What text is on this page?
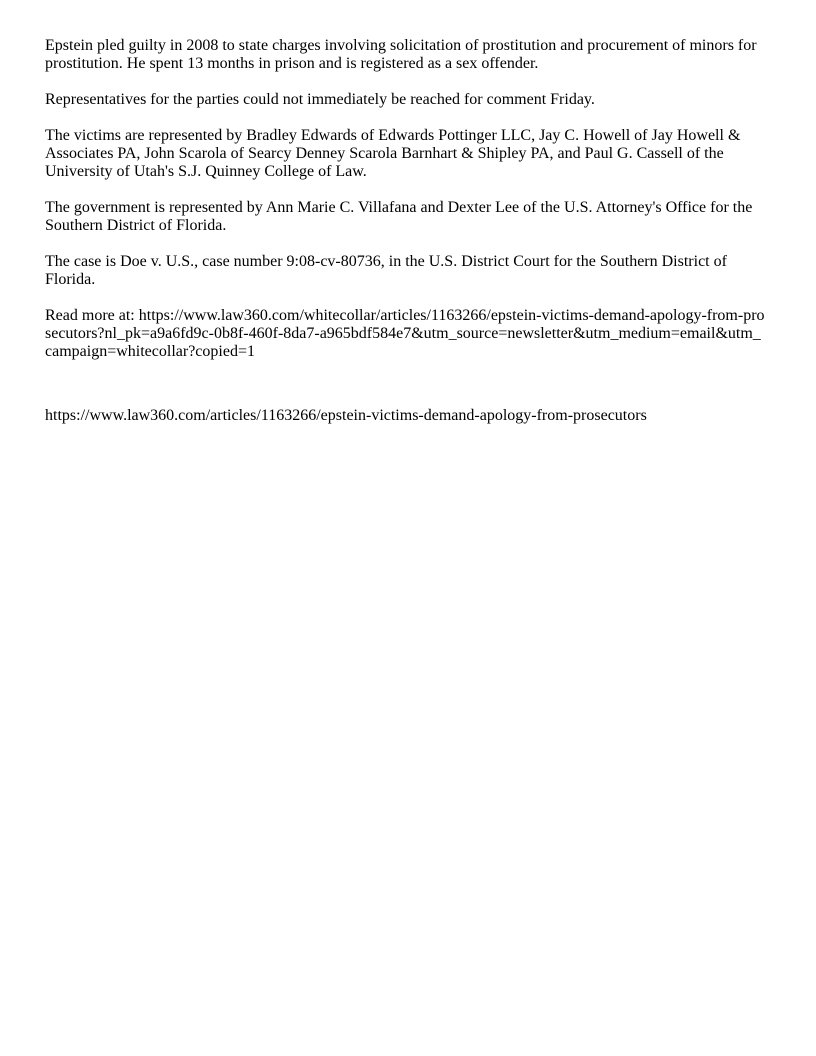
Epstein pled guilty in 2008 to state charges involving solicitation of prostitution and procurement of minors for prostitution. He spent 13 months in prison and is registered as a sex offender.

Representatives for the parties could not immediately be reached for comment Friday.

The victims are represented by Bradley Edwards of Edwards Pottinger LLC, Jay C. Howell of Jay Howell & Associates PA, John Scarola of Searcy Denney Scarola Barnhart & Shipley PA, and Paul G. Cassell of the University of Utah's S.J. Quinney College of Law.

The government is represented by Ann Marie C. Villafana and Dexter Lee of the U.S. Attorney's Office for the Southern District of Florida.

The case is Doe v. U.S., case number 9:08-cv-80736, in the U.S. District Court for the Southern District of Florida.

Read more at: https://www.law360.com/whitecollar/articles/1163266/epstein-victims-demand-apology-from-prosecutors?nl_pk=a9a6fd9c-0b8f-460f-8da7-a965bdf584e7&utm_source=newsletter&utm_medium=email&utm_campaign=whitecollar?copied=1

https://www.law360.com/articles/1163266/epstein-victims-demand-apology-from-prosecutors
